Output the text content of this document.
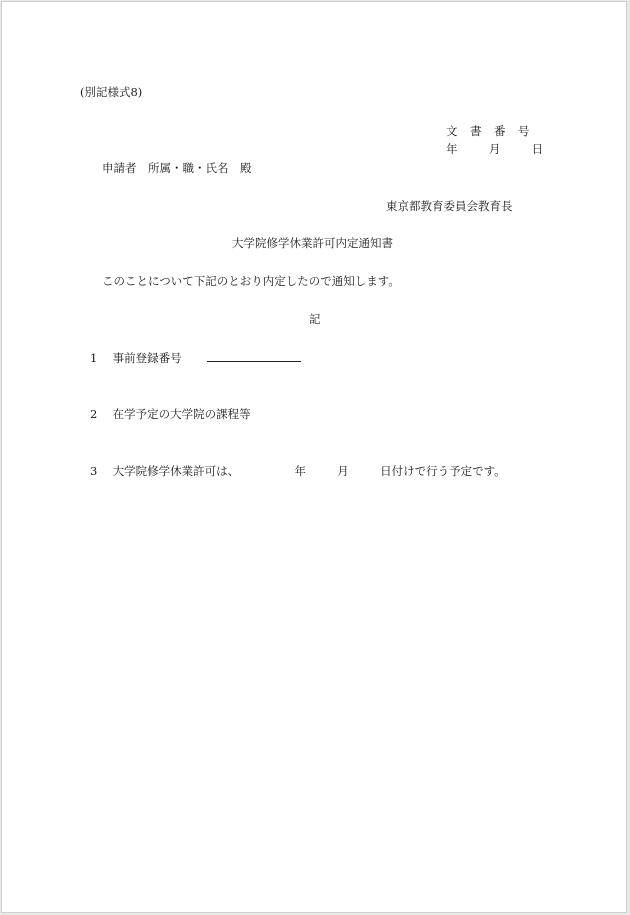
(別記様式8)
文 書 番 号
年	月	日
申請者　所属・職・氏名　殿
東京都教育委員会教育長
大学院修学休業許可内定通知書
このことについて下記のとおり内定したので通知します。
記
1 事前登録番号
2 在学予定の大学院の課程等
3 大学院修学休業許可は、	年	月	日付けで行う予定です。
